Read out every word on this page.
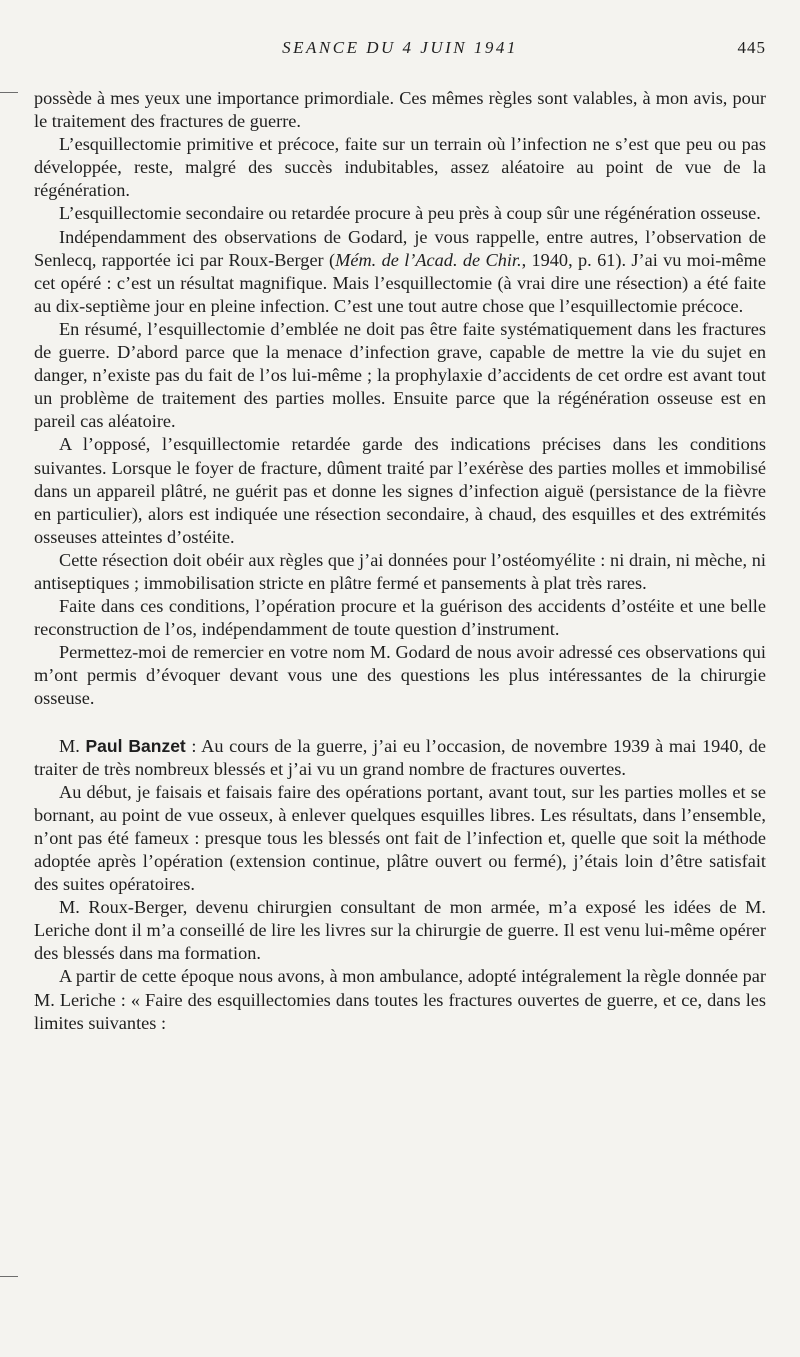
SEANCE DU 4 JUIN 1941	445

possède à mes yeux une importance primordiale. Ces mêmes règles sont valables, à mon avis, pour le traitement des fractures de guerre.

L’esquillectomie primitive et précoce, faite sur un terrain où l’infection ne s’est que peu ou pas développée, reste, malgré des succès indubitables, assez aléatoire au point de vue de la régénération.

L’esquillectomie secondaire ou retardée procure à peu près à coup sûr une régénération osseuse.

Indépendamment des observations de Godard, je vous rappelle, entre autres, l’observation de Senlecq, rapportée ici par Roux-Berger (Mém. de l’Acad. de Chir., 1940, p. 61). J’ai vu moi-même cet opéré : c’est un résultat magnifique. Mais l’esquillectomie (à vrai dire une résection) a été faite au dix-septième jour en pleine infection. C’est une tout autre chose que l’esquillectomie précoce.

En résumé, l’esquillectomie d’emblée ne doit pas être faite systématiquement dans les fractures de guerre. D’abord parce que la menace d’infection grave, capable de mettre la vie du sujet en danger, n’existe pas du fait de l’os lui-même ; la prophylaxie d’accidents de cet ordre est avant tout un problème de traitement des parties molles. Ensuite parce que la régénération osseuse est en pareil cas aléatoire.

A l’opposé, l’esquillectomie retardée garde des indications précises dans les conditions suivantes. Lorsque le foyer de fracture, dûment traité par l’exérèse des parties molles et immobilisé dans un appareil plâtré, ne guérit pas et donne les signes d’infection aiguë (persistance de la fièvre en particulier), alors est indiquée une résection secondaire, à chaud, des esquilles et des extrémités osseuses atteintes d’ostéite.

Cette résection doit obéir aux règles que j’ai données pour l’ostéomyélite : ni drain, ni mèche, ni antiseptiques ; immobilisation stricte en plâtre fermé et pansements à plat très rares.

Faite dans ces conditions, l’opération procure et la guérison des accidents d’ostéite et une belle reconstruction de l’os, indépendamment de toute question d’instrument.

Permettez-moi de remercier en votre nom M. Godard de nous avoir adressé ces observations qui m’ont permis d’évoquer devant vous une des questions les plus intéressantes de la chirurgie osseuse.

M. Paul Banzet : Au cours de la guerre, j’ai eu l’occasion, de novembre 1939 à mai 1940, de traiter de très nombreux blessés et j’ai vu un grand nombre de fractures ouvertes.

Au début, je faisais et faisais faire des opérations portant, avant tout, sur les parties molles et se bornant, au point de vue osseux, à enlever quelques esquilles libres. Les résultats, dans l’ensemble, n’ont pas été fameux : presque tous les blessés ont fait de l’infection et, quelle que soit la méthode adoptée après l’opération (extension continue, plâtre ouvert ou fermé), j’étais loin d’être satisfait des suites opératoires.

M. Roux-Berger, devenu chirurgien consultant de mon armée, m’a exposé les idées de M. Leriche dont il m’a conseillé de lire les livres sur la chirurgie de guerre. Il est venu lui-même opérer des blessés dans ma formation.

A partir de cette époque nous avons, à mon ambulance, adopté intégralement la règle donnée par M. Leriche : « Faire des esquillectomies dans toutes les fractures ouvertes de guerre, et ce, dans les limites suivantes :
